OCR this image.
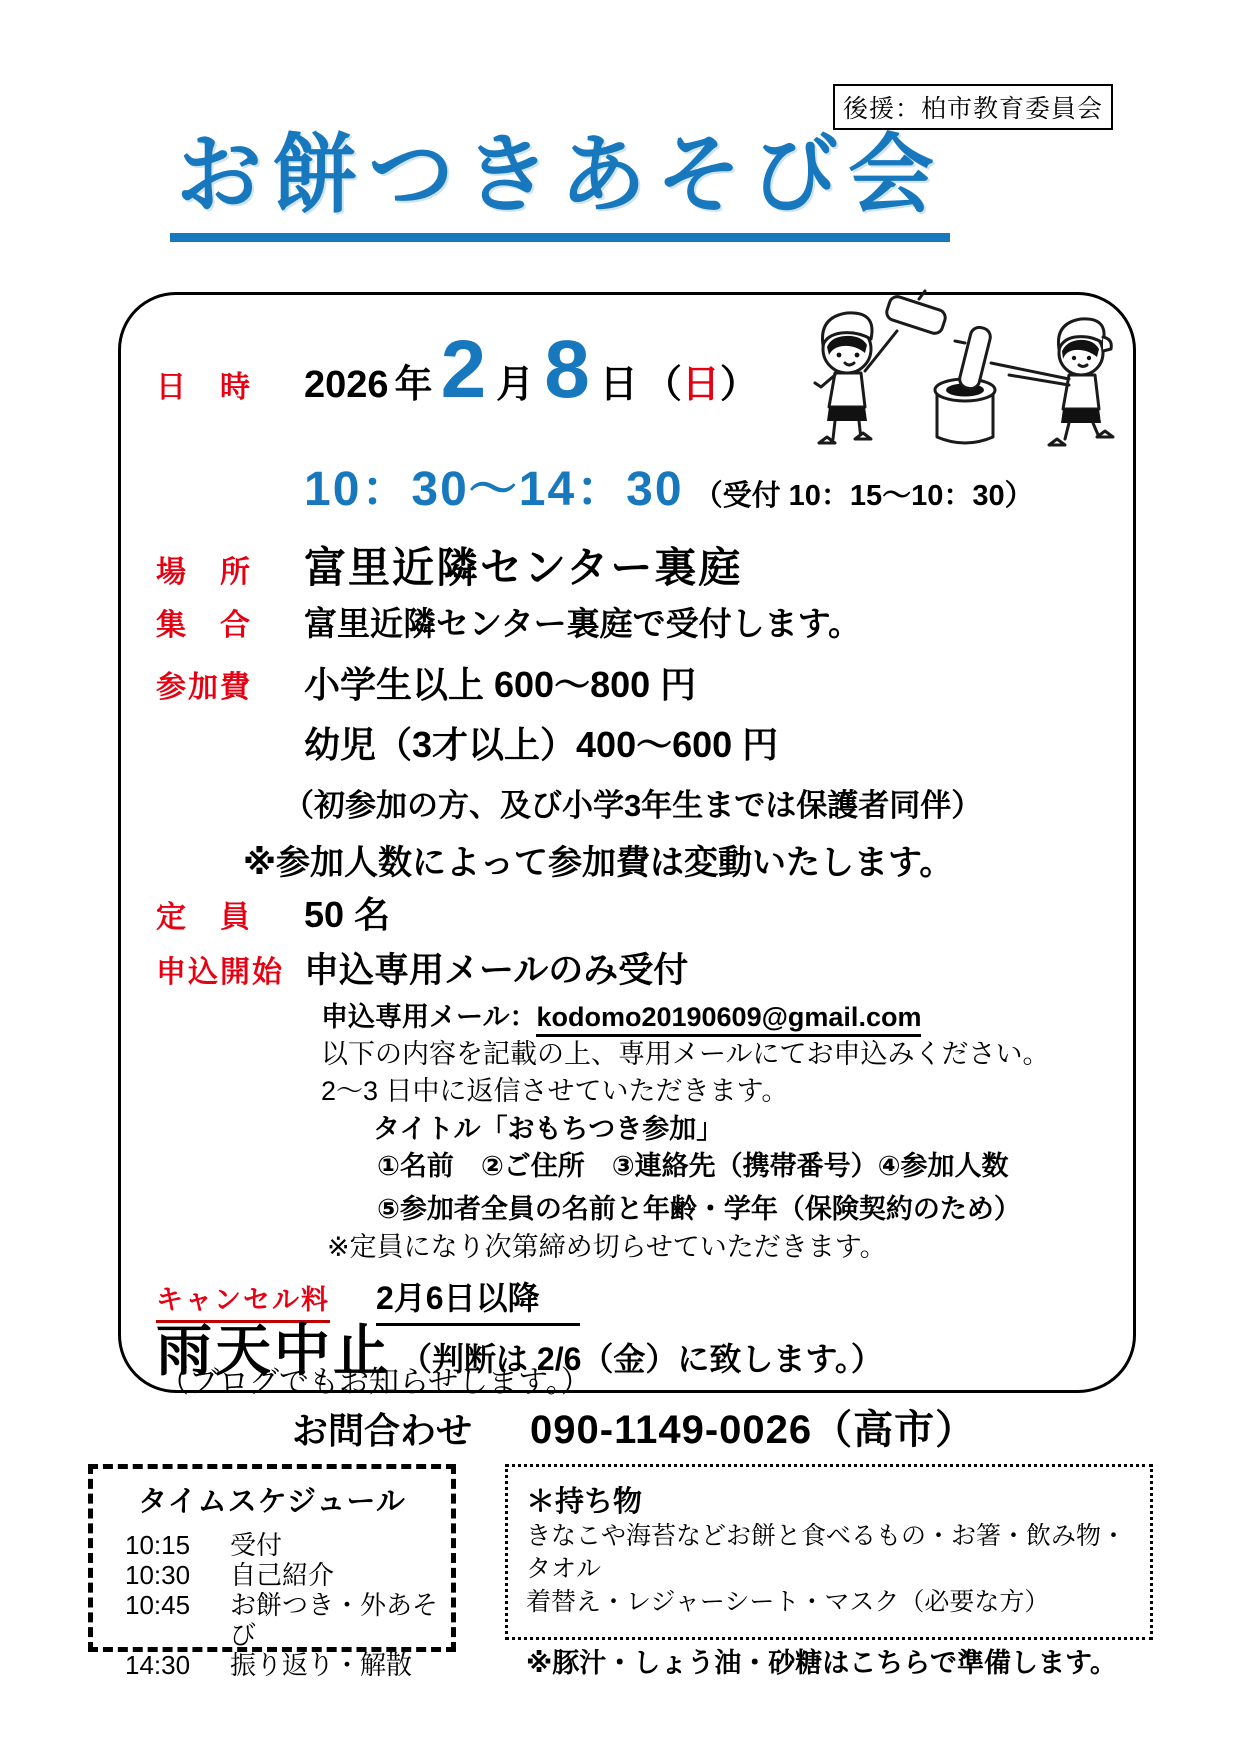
後援：柏市教育委員会
お餅つきあそび会
日　時	2026 年 2 月 8 日 （ 日 ）
10：30～14：30 （受付 10：15～10：30）
場　所	富里近隣センター裏庭
集　合	富里近隣センター裏庭で受付します。
参加費	小学生以上 600～800 円
幼児（3才以上）400～600 円
（初参加の方、及び小学3年生までは保護者同伴）
※参加人数によって参加費は変動いたします。
定　員	50 名
申込開始 申込専用メールのみ受付
申込専用メール：kodomo20190609@gmail.com
以下の内容を記載の上、専用メールにてお申込みください。
2～3 日中に返信させていただきます。
タイトル「おもちつき参加」
①名前　②ご住所　③連絡先（携帯番号）④参加人数
⑤参加者全員の名前と年齢・学年（保険契約のため）
※定員になり次第締め切らせていただきます。
キャンセル料 2月6日以降
雨天中止 （判断は 2/6（金）に致します。）
（ブログでもお知らせします。）
お問合わせ 090-1149-0026（高市）
タイムスケジュール
10:15	受付
10:30	自己紹介
10:45	お餅つき・外あそび
14:30	振り返り・解散
＊持ち物
きなこや海苔などお餅と食べるもの・お箸・飲み物・タオル
着替え・レジャーシート・マスク（必要な方）
※豚汁・しょう油・砂糖はこちらで準備します。
